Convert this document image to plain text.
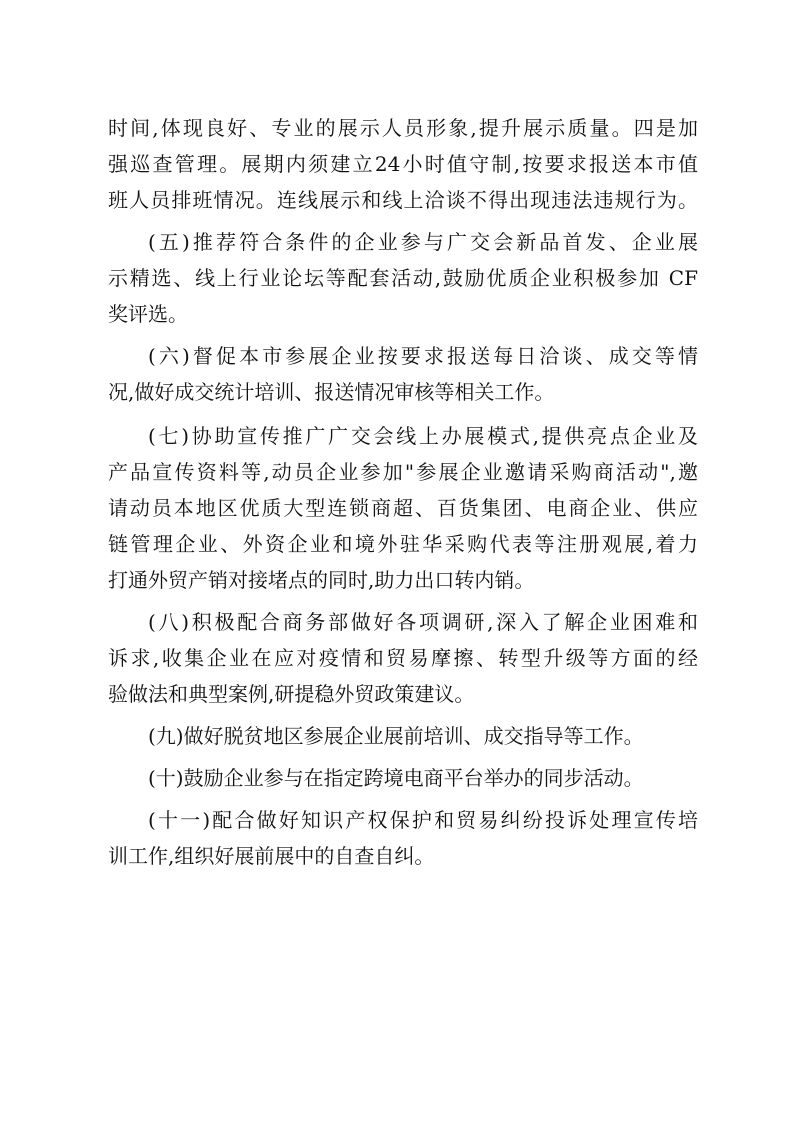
时间,体现良好、专业的展示人员形象,提升展示质量。四是加
强巡查管理。展期内须建立24小时值守制,按要求报送本市值
班人员排班情况。连线展示和线上洽谈不得出现违法违规行为。
(五)推荐符合条件的企业参与广交会新品首发、企业展
示精选、线上行业论坛等配套活动,鼓励优质企业积极参加 CF
奖评选。
(六)督促本市参展企业按要求报送每日洽谈、成交等情
况,做好成交统计培训、报送情况审核等相关工作。
(七)协助宣传推广广交会线上办展模式,提供亮点企业及
产品宣传资料等,动员企业参加"参展企业邀请采购商活动",邀
请动员本地区优质大型连锁商超、百货集团、电商企业、供应
链管理企业、外资企业和境外驻华采购代表等注册观展,着力
打通外贸产销对接堵点的同时,助力出口转内销。
(八)积极配合商务部做好各项调研,深入了解企业困难和
诉求,收集企业在应对疫情和贸易摩擦、转型升级等方面的经
验做法和典型案例,研提稳外贸政策建议。
(九)做好脱贫地区参展企业展前培训、成交指导等工作。
(十)鼓励企业参与在指定跨境电商平台举办的同步活动。
(十一)配合做好知识产权保护和贸易纠纷投诉处理宣传培
训工作,组织好展前展中的自查自纠。
